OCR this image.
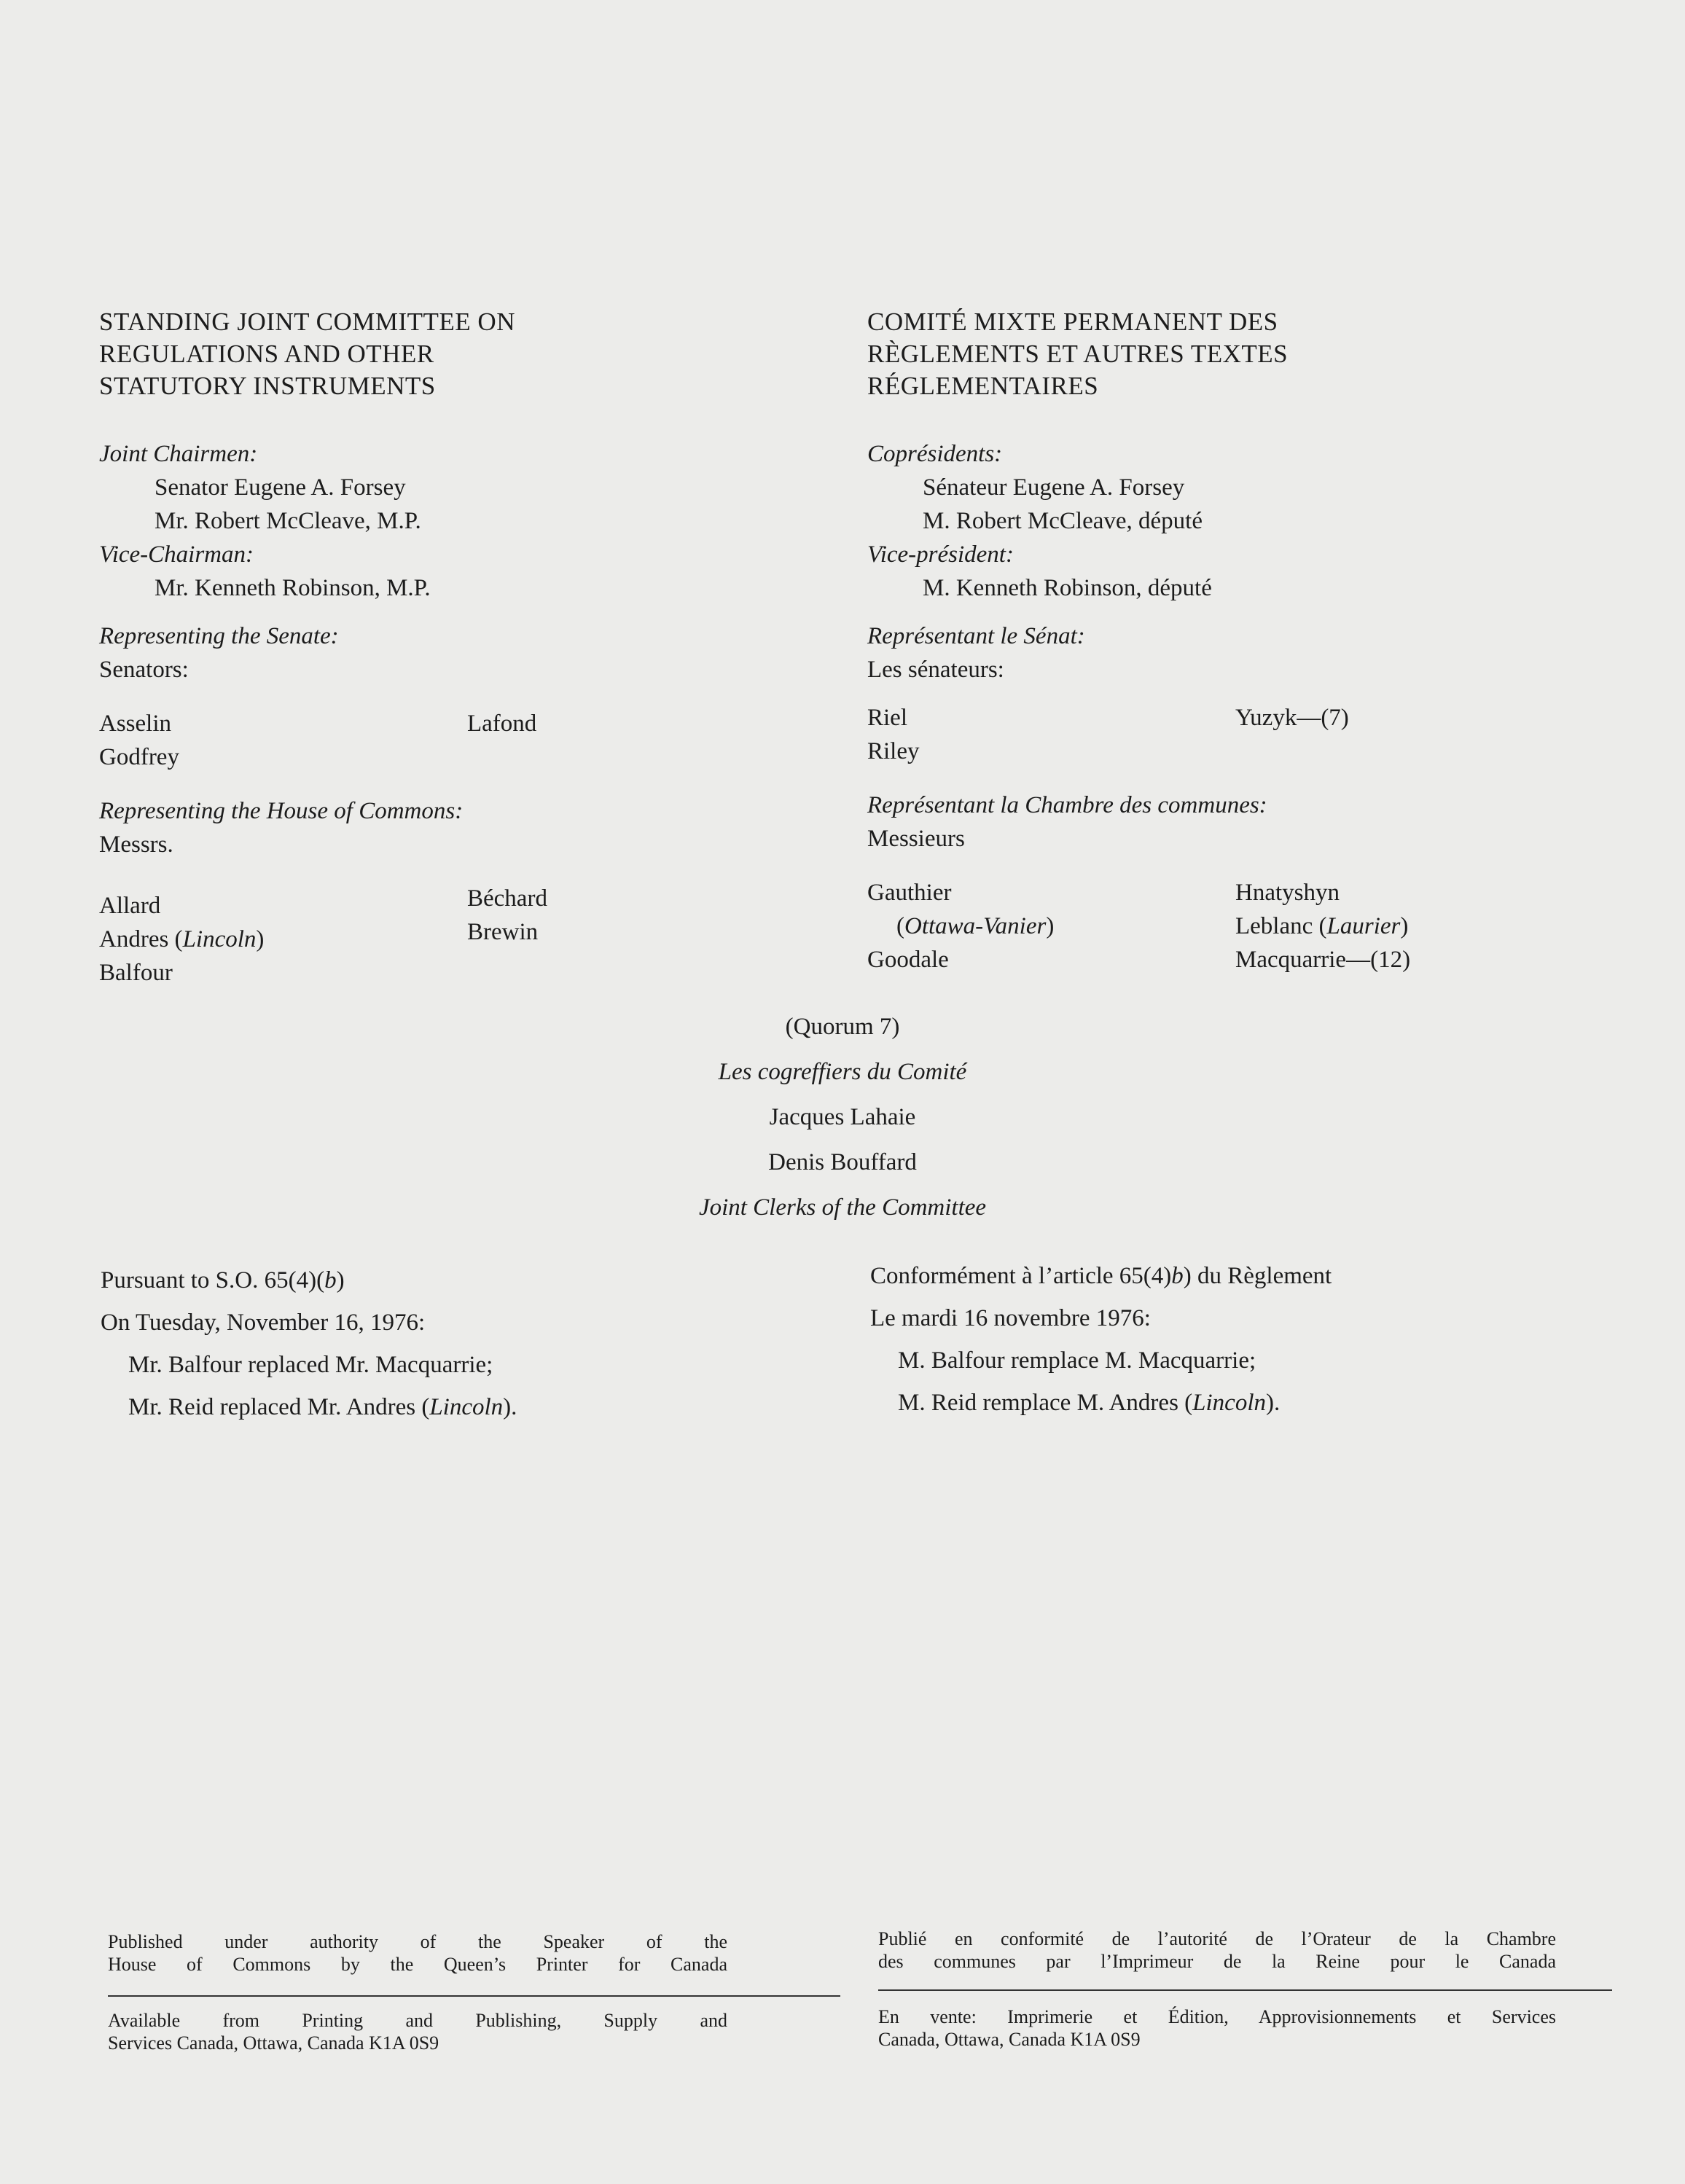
STANDING JOINT COMMITTEE ON
REGULATIONS AND OTHER
STATUTORY INSTRUMENTS
Joint Chairmen:
Senator Eugene A. Forsey
Mr. Robert McCleave, M.P.
Vice-Chairman:
Mr. Kenneth Robinson, M.P.
Representing the Senate:
Senators:
Asselin
Godfrey
Lafond
Representing the House of Commons:
Messrs.
Allard
Andres (Lincoln)
Balfour
Béchard
Brewin
COMITÉ MIXTE PERMANENT DES
RÈGLEMENTS ET AUTRES TEXTES
RÉGLEMENTAIRES
Coprésidents:
Sénateur Eugene A. Forsey
M. Robert McCleave, député
Vice-président:
M. Kenneth Robinson, député
Représentant le Sénat:
Les sénateurs:
Riel
Riley
Yuzyk—(7)
Représentant la Chambre des communes:
Messieurs
Gauthier
(Ottawa-Vanier)
Goodale
Hnatyshyn
Leblanc (Laurier)
Macquarrie—(12)
(Quorum 7)
Les cogreffiers du Comité
Jacques Lahaie
Denis Bouffard
Joint Clerks of the Committee
Pursuant to S.O. 65(4)(b)
On Tuesday, November 16, 1976:
Mr. Balfour replaced Mr. Macquarrie;
Mr. Reid replaced Mr. Andres (Lincoln).
Conformément à l’article 65(4)b) du Règlement
Le mardi 16 novembre 1976:
M. Balfour remplace M. Macquarrie;
M. Reid remplace M. Andres (Lincoln).
Published under authority of the Speaker of the
House of Commons by the Queen’s Printer for Canada
Available from Printing and Publishing, Supply and
Services Canada, Ottawa, Canada K1A 0S9
Publié en conformité de l’autorité de l’Orateur de la Chambre
des communes par l’Imprimeur de la Reine pour le Canada
En vente: Imprimerie et Édition, Approvisionnements et Services
Canada, Ottawa, Canada K1A 0S9
